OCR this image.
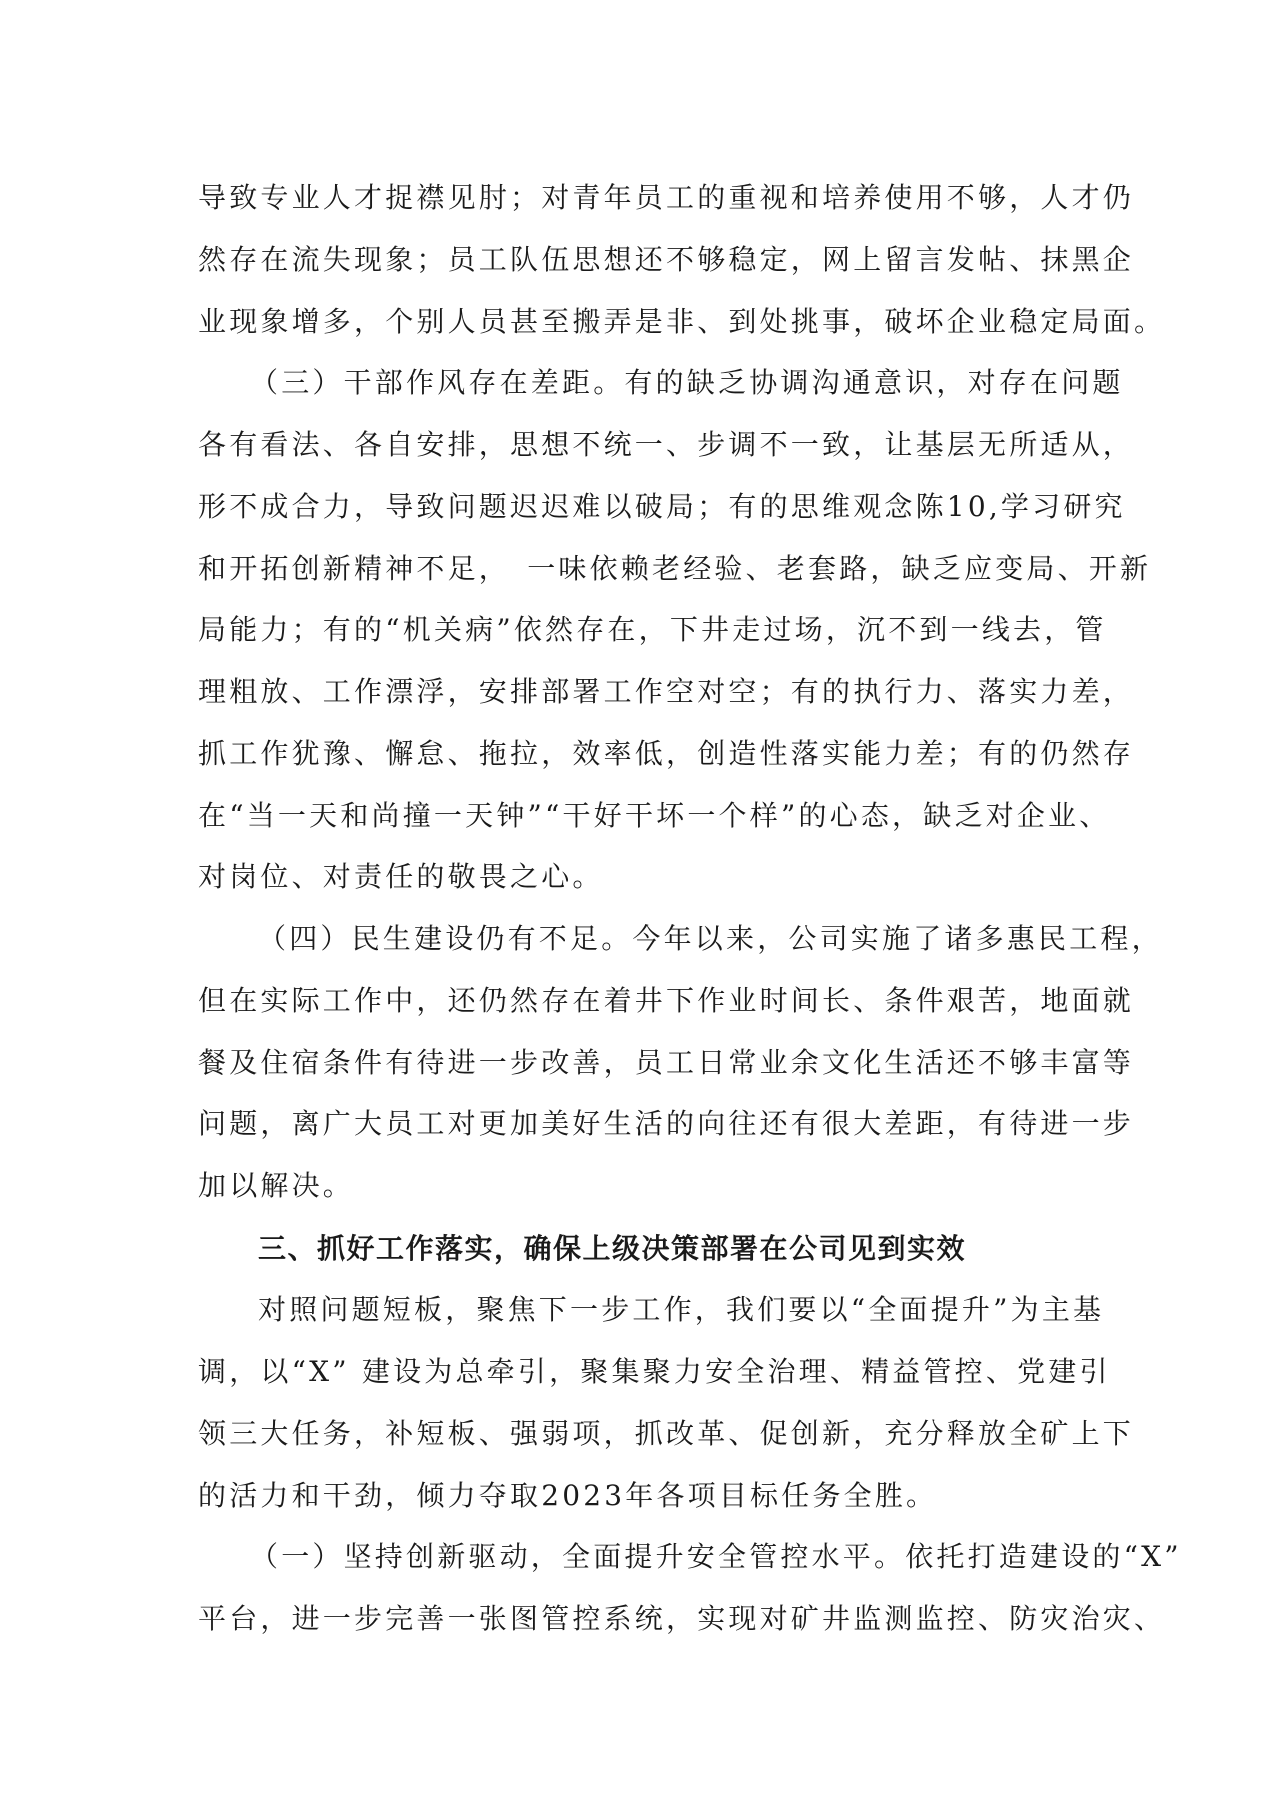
导致专业人才捉襟见肘；对青年员工的重视和培养使用不够，人才仍
然存在流失现象；员工队伍思想还不够稳定，网上留言发帖、抹黑企
业现象增多，个别人员甚至搬弄是非、到处挑事，破坏企业稳定局面。
（三）干部作风存在差距。有的缺乏协调沟通意识，对存在问题
各有看法、各自安排，思想不统一、步调不一致，让基层无所适从，
形不成合力，导致问题迟迟难以破局；有的思维观念陈10,学习研究
和开拓创新精神不足，　一味依赖老经验、老套路，缺乏应变局、开新
局能力；有的“机关病”依然存在，下井走过场，沉不到一线去，管
理粗放、工作漂浮，安排部署工作空对空；有的执行力、落实力差，
抓工作犹豫、懈怠、拖拉，效率低，创造性落实能力差；有的仍然存
在“当一天和尚撞一天钟”“干好干坏一个样”的心态，缺乏对企业、
对岗位、对责任的敬畏之心。
（四）民生建设仍有不足。今年以来，公司实施了诸多惠民工程，
但在实际工作中，还仍然存在着井下作业时间长、条件艰苦，地面就
餐及住宿条件有待进一步改善，员工日常业余文化生活还不够丰富等
问题，离广大员工对更加美好生活的向往还有很大差距，有待进一步
加以解决。
三、抓好工作落实，确保上级决策部署在公司见到实效
对照问题短板，聚焦下一步工作，我们要以“全面提升”为主基
调，以“X” 建设为总牵引，聚集聚力安全治理、精益管控、党建引
领三大任务，补短板、强弱项，抓改革、促创新，充分释放全矿上下
的活力和干劲，倾力夺取2023年各项目标任务全胜。
（一）坚持创新驱动，全面提升安全管控水平。依托打造建设的“X”
平台，进一步完善一张图管控系统，实现对矿井监测监控、防灾治灾、
